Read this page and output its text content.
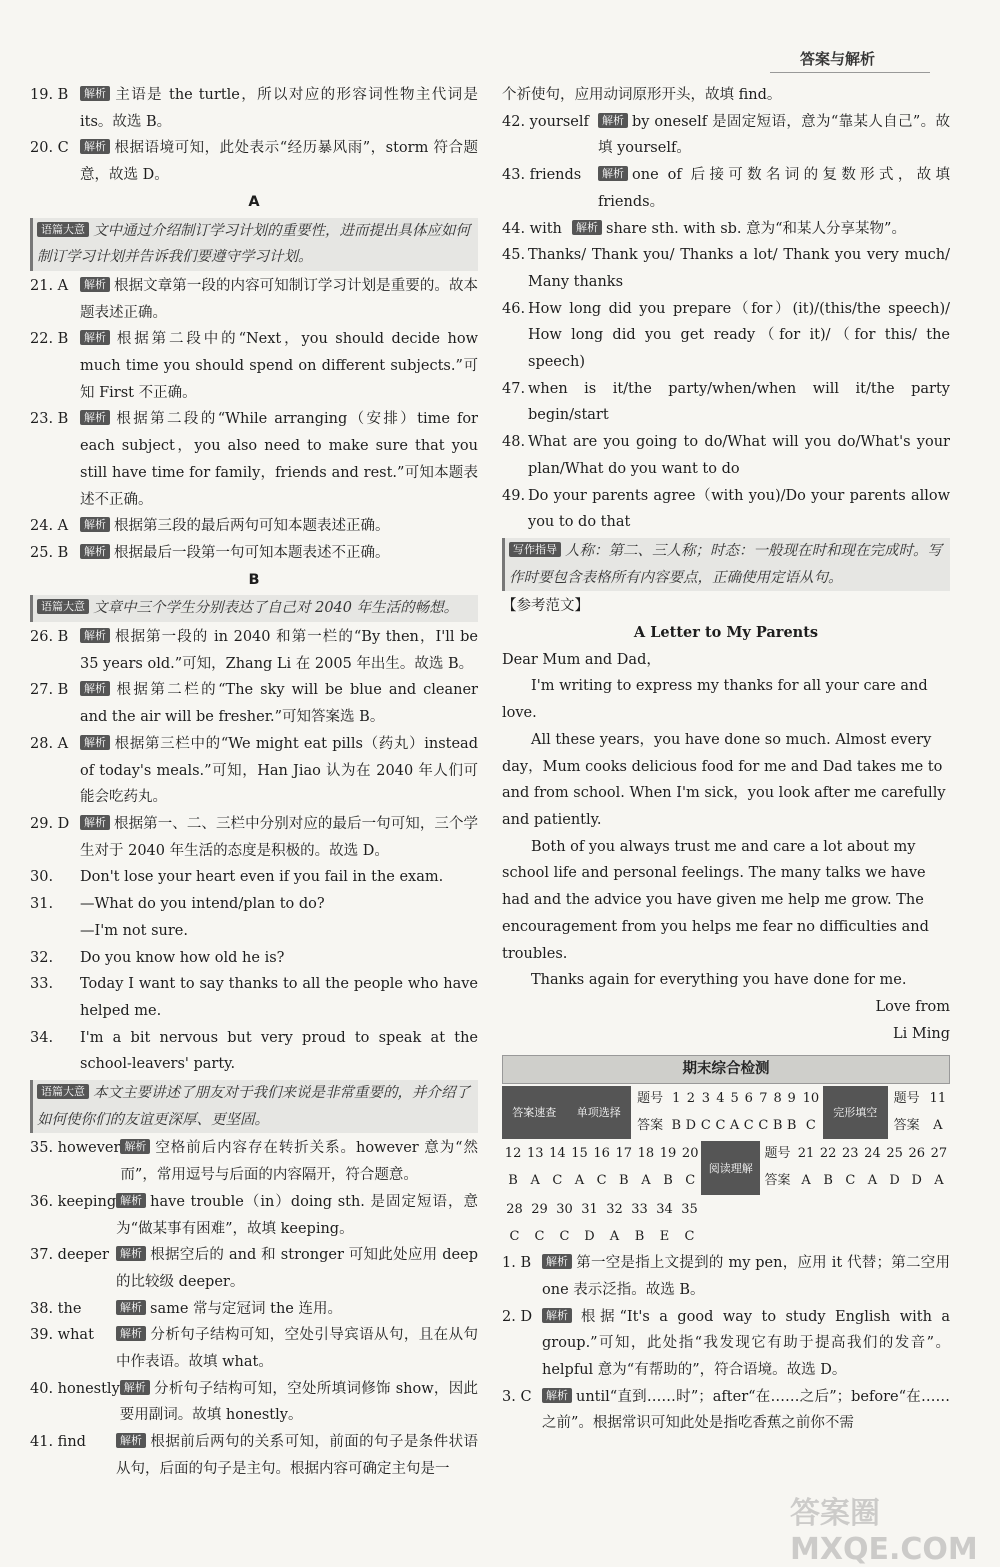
答案与解析
19. B	解析 主语是 the turtle，所以对应的形容词性物主代词是 its。故选 B。
20. C	解析 根据语境可知，此处表示“经历暴风雨”，storm 符合题意，故选 D。
A
语篇大意 文中通过介绍制订学习计划的重要性，进而提出具体应如何制订学习计划并告诉我们要遵守学习计划。
21. A	解析 根据文章第一段的内容可知制订学习计划是重要的。故本题表述正确。
22. B	解析 根据第二段中的“Next，you should decide how much time you should spend on different subjects.”可知 First 不正确。
23. B	解析 根据第二段的“While arranging（安排）time for each subject，you also need to make sure that you still have time for family，friends and rest.”可知本题表述不正确。
24. A	解析 根据第三段的最后两句可知本题表述正确。
25. B	解析 根据最后一段第一句可知本题表述不正确。
B
语篇大意 文章中三个学生分别表达了自己对 2040 年生活的畅想。
26. B	解析 根据第一段的 in 2040 和第一栏的“By then，I'll be 35 years old.”可知，Zhang Li 在 2005 年出生。故选 B。
27. B	解析 根据第二栏的“The sky will be blue and cleaner and the air will be fresher.”可知答案选 B。
28. A	解析 根据第三栏中的“We might eat pills（药丸）instead of today's meals.”可知，Han Jiao 认为在 2040 年人们可能会吃药丸。
29. D	解析 根据第一、二、三栏中分别对应的最后一句可知，三个学生对于 2040 年生活的态度是积极的。故选 D。
30.	Don't lose your heart even if you fail in the exam.
31.	—What do you intend/plan to do?
—I'm not sure.
32.	Do you know how old he is?
33.	Today I want to say thanks to all the people who have helped me.
34.	I'm a bit nervous but very proud to speak at the school-leavers' party.
语篇大意 本文主要讲述了朋友对于我们来说是非常重要的，并介绍了如何使你们的友谊更深厚、更坚固。
35. however 解析 空格前后内容存在转折关系。however 意为“然而”，常用逗号与后面的内容隔开，符合题意。
36. keeping 解析 have trouble（in）doing sth. 是固定短语，意为“做某事有困难”，故填 keeping。
37. deeper	解析 根据空后的 and 和 stronger 可知此处应用 deep 的比较级 deeper。
38. the	解析 same 常与定冠词 the 连用。
39. what	解析 分析句子结构可知，空处引导宾语从句，且在从句中作表语。故填 what。
40. honestly 解析 分析句子结构可知，空处所填词修饰 show，因此要用副词。故填 honestly。
41. find	解析 根据前后两句的关系可知，前面的句子是条件状语从句，后面的句子是主句。根据内容可确定主句是一
个祈使句，应用动词原形开头，故填 find。
42. yourself	解析 by oneself 是固定短语，意为“靠某人自己”。故填 yourself。
43. friends	解析 one of 后接可数名词的复数形式，故填 friends。
44. with	解析 share sth. with sb. 意为“和某人分享某物”。
45. Thanks/ Thank you/ Thanks a lot/ Thank you very much/ Many thanks
46. How long did you prepare（for）(it)/(this/the speech)/ How long did you get ready（for it)/（for this/ the speech)
47. when is it/the party/when/when will it/the party begin/start
48. What are you going to do/What will you do/What's your plan/What do you want to do
49. Do your parents agree（with you)/Do your parents allow you to do that
写作指导 人称：第二、三人称；时态：一般现在时和现在完成时。写作时要包含表格所有内容要点，正确使用定语从句。
【参考范文】
A Letter to My Parents
Dear Mum and Dad，
I'm writing to express my thanks for all your care and love.
All these years，you have done so much. Almost every day，Mum cooks delicious food for me and Dad takes me to and from school. When I'm sick，you look after me carefully and patiently.
Both of you always trust me and care a lot about my school life and personal feelings. The many talks we have had and the advice you have given me help me grow. The encouragement from you helps me fear no difficulties and troubles.
Thanks again for everything you have done for me.
Love from
Li Ming
期末综合检测
答案速查	单项选择	题号	1	2	3	4	5	6	7	8	9	10	完形填空	题号	11
		答案	B	D	C	C	A	C	C	B	B	C		答案	A
12	13	14	15	16	17	18	19	20	阅读理解	题号	21	22	23	24	25	26	27
B	A	C	A	C	B	A	B	C		答案	A	B	C	A	D	D	A
28	29	30	31	32	33	34	35
C	C	C	D	A	B	E	C
1. B	解析 第一空是指上文提到的 my pen，应用 it 代替；第二空用 one 表示泛指。故选 B。
2. D	解析 根据“It's a good way to study English with a group.”可知，此处指“我发现它有助于提高我们的发音”。helpful 意为“有帮助的”，符合语境。故选 D。
3. C	解析 until“直到……时”；after“在……之后”；before“在……之前”。根据常识可知此处是指吃香蕉之前你不需
答案圈 MXQE.COM
